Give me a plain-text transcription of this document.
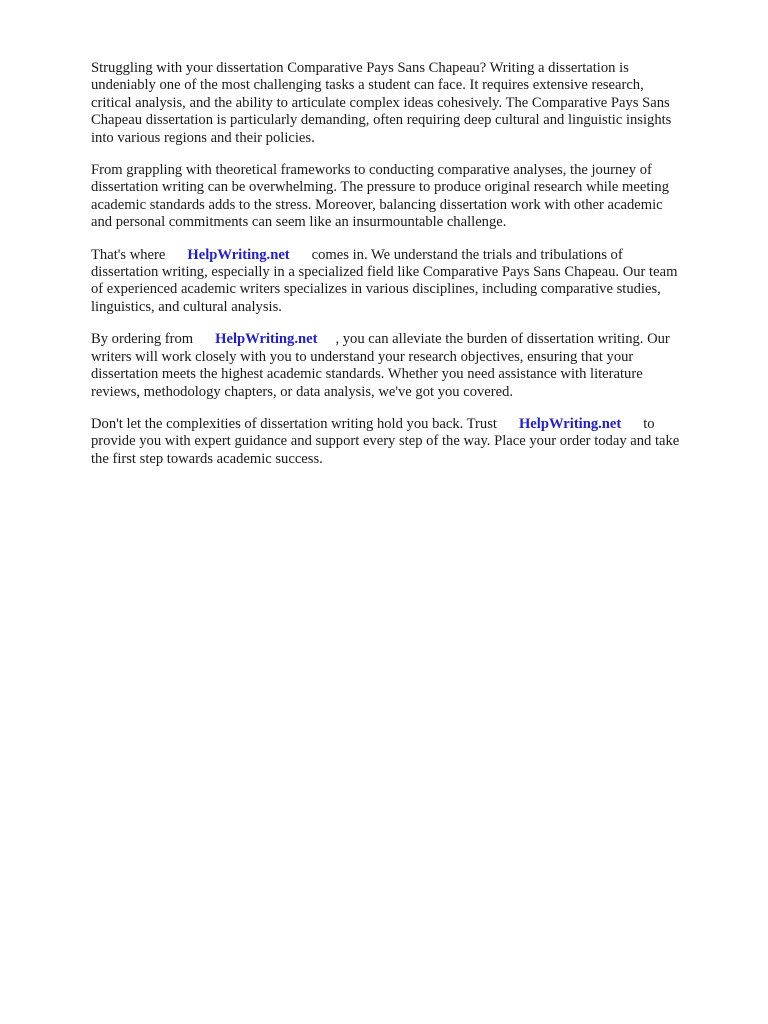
Struggling with your dissertation Comparative Pays Sans Chapeau? Writing a dissertation is
undeniably one of the most challenging tasks a student can face. It requires extensive research,
critical analysis, and the ability to articulate complex ideas cohesively. The Comparative Pays Sans
Chapeau dissertation is particularly demanding, often requiring deep cultural and linguistic insights
into various regions and their policies.

From grappling with theoretical frameworks to conducting comparative analyses, the journey of
dissertation writing can be overwhelming. The pressure to produce original research while meeting
academic standards adds to the stress. Moreover, balancing dissertation work with other academic
and personal commitments can seem like an insurmountable challenge.

That's where HelpWriting.net comes in. We understand the trials and tribulations of
dissertation writing, especially in a specialized field like Comparative Pays Sans Chapeau. Our team
of experienced academic writers specializes in various disciplines, including comparative studies,
linguistics, and cultural analysis.

By ordering from HelpWriting.net , you can alleviate the burden of dissertation writing. Our
writers will work closely with you to understand your research objectives, ensuring that your
dissertation meets the highest academic standards. Whether you need assistance with literature
reviews, methodology chapters, or data analysis, we've got you covered.

Don't let the complexities of dissertation writing hold you back. Trust HelpWriting.net to
provide you with expert guidance and support every step of the way. Place your order today and take
the first step towards academic success.
